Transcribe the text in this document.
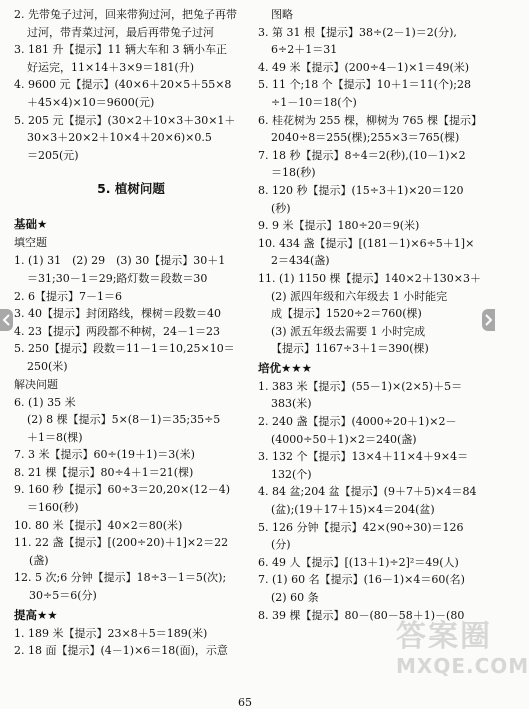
2. 先带兔子过河，回来带狗过河，把兔子再带
过河，带青菜过河，最后再带兔子过河
3. 181 升【提示】11 辆大车和 3 辆小车正
好运完，11×14＋3×9＝181(升)
4. 9600 元【提示】(40×6＋20×5＋55×8
＋45×4)×10＝9600(元)
5. 205 元【提示】(30×2＋10×3＋30×1＋
30×3＋20×2＋10×4＋20×6)×0.5
＝205(元)
5. 植树问题
基础★
填空题
1. (1) 31　(2) 29　(3) 30【提示】30＋1
＝31;30－1＝29;路灯数＝段数＝30
2. 6【提示】7－1＝6
3. 40【提示】封闭路线，棵树＝段数＝40
4. 23【提示】两段都不种树，24－1＝23
5. 250【提示】段数＝11－1＝10,25×10＝
250(米)
解决问题
6. (1) 35 米
(2) 8 棵【提示】5×(8－1)＝35;35÷5
＋1＝8(棵)
7. 3 米【提示】60÷(19＋1)＝3(米)
8. 21 棵【提示】80÷4＋1＝21(棵)
9. 160 秒【提示】60÷3＝20,20×(12－4)
＝160(秒)
10. 80 米【提示】40×2＝80(米)
11. 22 盏【提示】[(200÷20)＋1]×2＝22
(盏)
12. 5 次;6 分钟【提示】18÷3－1＝5(次);
30÷5＝6(分)
提高★★
1. 189 米【提示】23×8＋5＝189(米)
2. 18 面【提示】(4－1)×6＝18(面)，示意
图略
3. 第 31 根【提示】38÷(2－1)＝2(分),
6÷2＋1＝31
4. 49 米【提示】(200÷4－1)×1＝49(米)
5. 11 个;18 个【提示】10＋1＝11(个);28
÷1－10＝18(个)
6. 桂花树为 255 棵，柳树为 765 棵【提示】
2040÷8＝255(棵);255×3＝765(棵)
7. 18 秒【提示】8÷4＝2(秒),(10－1)×2
＝18(秒)
8. 120 秒【提示】(15÷3＋1)×20＝120
(秒)
9. 9 米【提示】180÷20＝9(米)
10. 434 盏【提示】[(181－1)×6÷5＋1]×
2＝434(盏)
11. (1) 1150 棵【提示】140×2＋130×3＋
(2) 派四年级和六年级去 1 小时能完
成【提示】1520÷2＝760(棵)
(3) 派五年级去需要 1 小时完成
【提示】1167÷3＋1＝390(棵)
培优★★★
1. 383 米【提示】(55－1)×(2×5)＋5＝
383(米)
2. 240 盏【提示】(4000÷20＋1)×2－
(4000÷50＋1)×2＝240(盏)
3. 132 个【提示】13×4＋11×4＋9×4＝
132(个)
4. 84 盆;204 盆【提示】(9＋7＋5)×4＝84
(盆);(19＋17＋15)×4＝204(盆)
5. 126 分钟【提示】42×(90÷30)＝126
(分)
6. 49 人【提示】[(13＋1)÷2]²＝49(人)
7. (1) 60 名【提示】(16－1)×4＝60(名)
(2) 60 条
8. 39 棵【提示】80－(80－58＋1)－(80
65
答案圈
MXQE.COM
